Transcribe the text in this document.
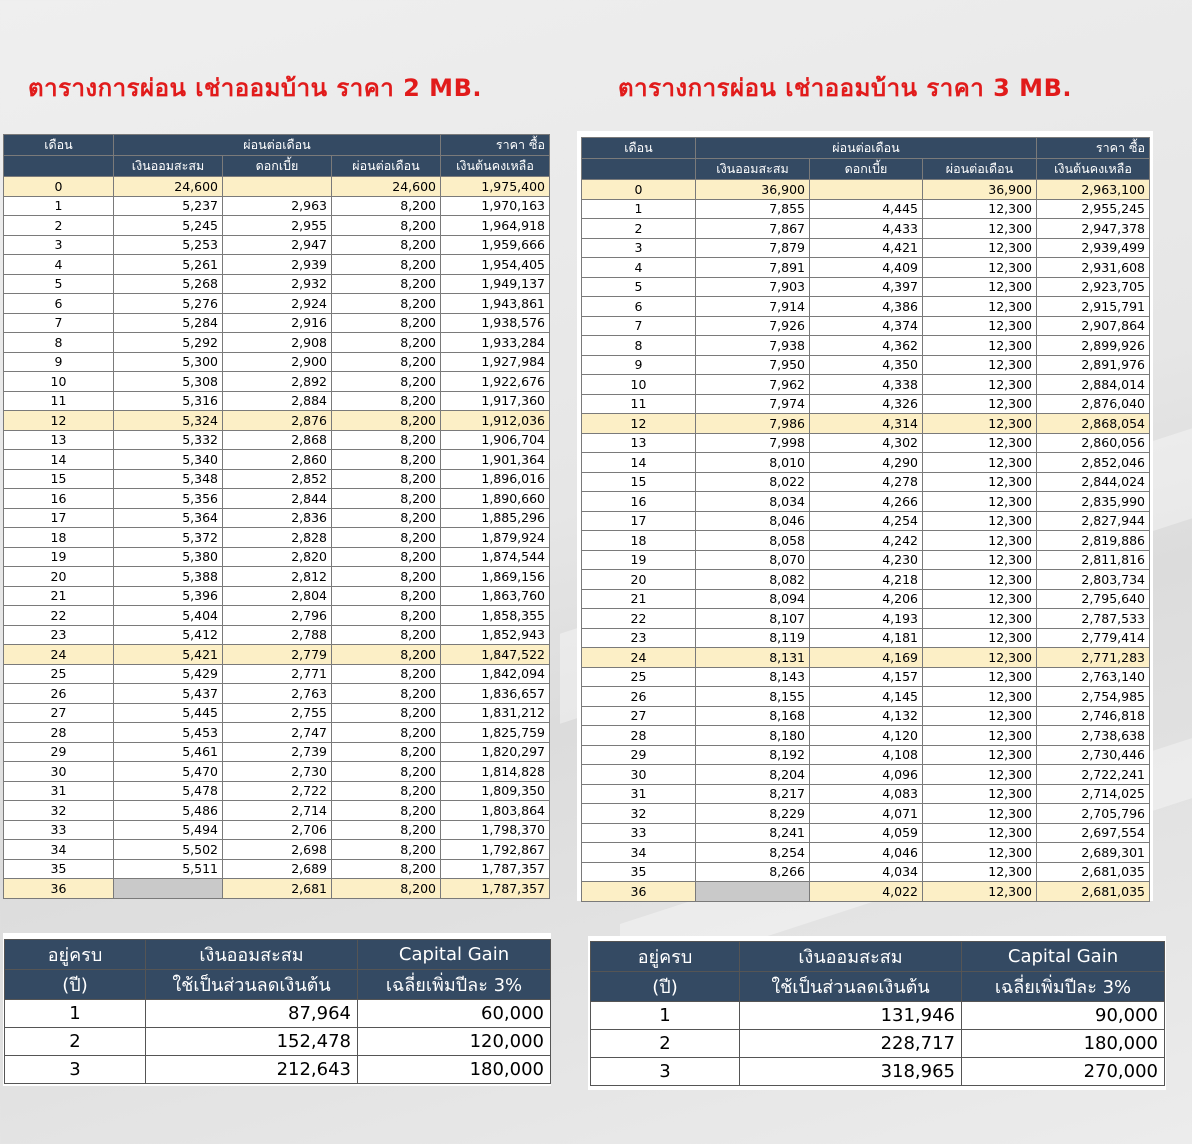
ตารางการผ่อน เช่าออมบ้าน ราคา 2 MB.	ตารางการผ่อน เช่าออมบ้าน ราคา 3 MB.
เดือน	ผ่อนต่อเดือน			ราคา ซื้อ
	เงินออมสะสม	ดอกเบี้ย	ผ่อนต่อเดือน	เงินต้นคงเหลือ
0	24,600		24,600	1,975,400
1	5,237	2,963	8,200	1,970,163
2	5,245	2,955	8,200	1,964,918
3	5,253	2,947	8,200	1,959,666
4	5,261	2,939	8,200	1,954,405
5	5,268	2,932	8,200	1,949,137
6	5,276	2,924	8,200	1,943,861
7	5,284	2,916	8,200	1,938,576
8	5,292	2,908	8,200	1,933,284
9	5,300	2,900	8,200	1,927,984
10	5,308	2,892	8,200	1,922,676
11	5,316	2,884	8,200	1,917,360
12	5,324	2,876	8,200	1,912,036
13	5,332	2,868	8,200	1,906,704
14	5,340	2,860	8,200	1,901,364
15	5,348	2,852	8,200	1,896,016
16	5,356	2,844	8,200	1,890,660
17	5,364	2,836	8,200	1,885,296
18	5,372	2,828	8,200	1,879,924
19	5,380	2,820	8,200	1,874,544
20	5,388	2,812	8,200	1,869,156
21	5,396	2,804	8,200	1,863,760
22	5,404	2,796	8,200	1,858,355
23	5,412	2,788	8,200	1,852,943
24	5,421	2,779	8,200	1,847,522
25	5,429	2,771	8,200	1,842,094
26	5,437	2,763	8,200	1,836,657
27	5,445	2,755	8,200	1,831,212
28	5,453	2,747	8,200	1,825,759
29	5,461	2,739	8,200	1,820,297
30	5,470	2,730	8,200	1,814,828
31	5,478	2,722	8,200	1,809,350
32	5,486	2,714	8,200	1,803,864
33	5,494	2,706	8,200	1,798,370
34	5,502	2,698	8,200	1,792,867
35	5,511	2,689	8,200	1,787,357
36		2,681	8,200	1,787,357
เดือน	ผ่อนต่อเดือน			ราคา ซื้อ
	เงินออมสะสม	ดอกเบี้ย	ผ่อนต่อเดือน	เงินต้นคงเหลือ
0	36,900		36,900	2,963,100
1	7,855	4,445	12,300	2,955,245
2	7,867	4,433	12,300	2,947,378
3	7,879	4,421	12,300	2,939,499
4	7,891	4,409	12,300	2,931,608
5	7,903	4,397	12,300	2,923,705
6	7,914	4,386	12,300	2,915,791
7	7,926	4,374	12,300	2,907,864
8	7,938	4,362	12,300	2,899,926
9	7,950	4,350	12,300	2,891,976
10	7,962	4,338	12,300	2,884,014
11	7,974	4,326	12,300	2,876,040
12	7,986	4,314	12,300	2,868,054
13	7,998	4,302	12,300	2,860,056
14	8,010	4,290	12,300	2,852,046
15	8,022	4,278	12,300	2,844,024
16	8,034	4,266	12,300	2,835,990
17	8,046	4,254	12,300	2,827,944
18	8,058	4,242	12,300	2,819,886
19	8,070	4,230	12,300	2,811,816
20	8,082	4,218	12,300	2,803,734
21	8,094	4,206	12,300	2,795,640
22	8,107	4,193	12,300	2,787,533
23	8,119	4,181	12,300	2,779,414
24	8,131	4,169	12,300	2,771,283
25	8,143	4,157	12,300	2,763,140
26	8,155	4,145	12,300	2,754,985
27	8,168	4,132	12,300	2,746,818
28	8,180	4,120	12,300	2,738,638
29	8,192	4,108	12,300	2,730,446
30	8,204	4,096	12,300	2,722,241
31	8,217	4,083	12,300	2,714,025
32	8,229	4,071	12,300	2,705,796
33	8,241	4,059	12,300	2,697,554
34	8,254	4,046	12,300	2,689,301
35	8,266	4,034	12,300	2,681,035
36		4,022	12,300	2,681,035
อยู่ครบ	เงินออมสะสม	Capital Gain
(ปี)	ใช้เป็นส่วนลดเงินต้น	เฉลี่ยเพิ่มปีละ 3%
1	87,964	60,000
2	152,478	120,000
3	212,643	180,000
อยู่ครบ	เงินออมสะสม	Capital Gain
(ปี)	ใช้เป็นส่วนลดเงินต้น	เฉลี่ยเพิ่มปีละ 3%
1	131,946	90,000
2	228,717	180,000
3	318,965	270,000
